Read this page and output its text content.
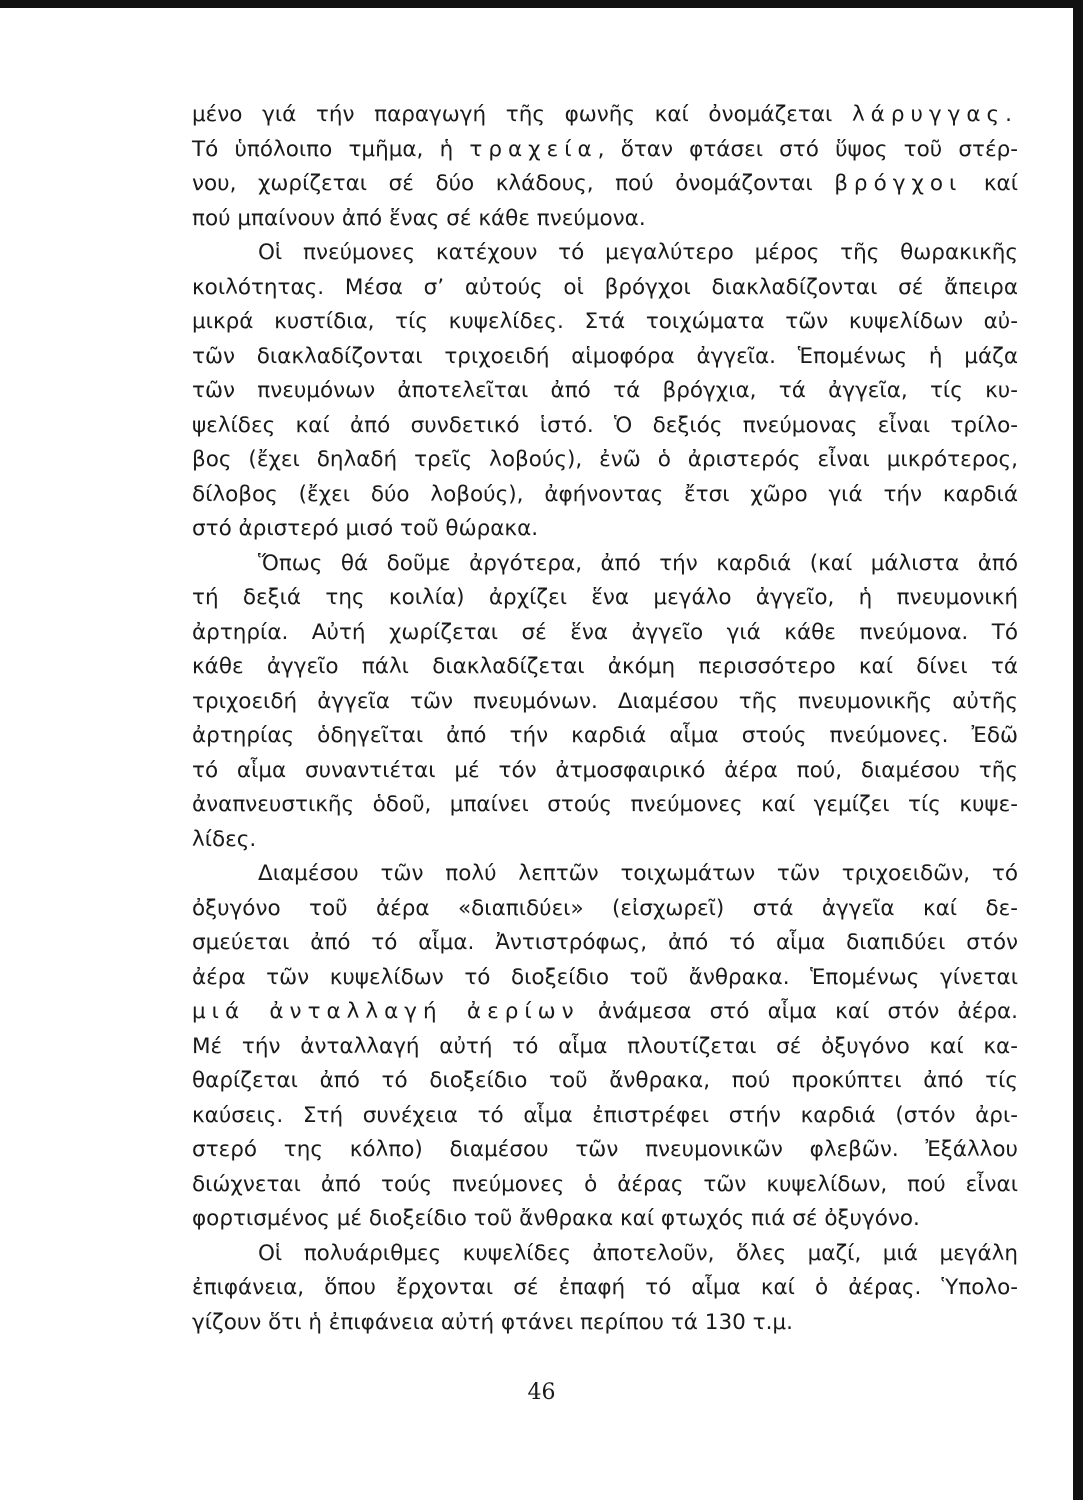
μένο γιά τήν παραγωγή τῆς φωνῆς καί ὀνομάζεται λάρυγγας.
Τό ὑπόλοιπο τμῆμα, ἡ τραχεία, ὅταν φτάσει στό ὕψος τοῦ στέρ-
νου, χωρίζεται σέ δύο κλάδους, πού ὀνομάζονται βρόγχοι καί
πού μπαίνουν ἀπό ἕνας σέ κάθε πνεύμονα.
Οἱ πνεύμονες κατέχουν τό μεγαλύτερο μέρος τῆς θωρακικῆς
κοιλότητας. Μέσα σ’ αὐτούς οἱ βρόγχοι διακλαδίζονται σέ ἄπειρα
μικρά κυστίδια, τίς κυψελίδες. Στά τοιχώματα τῶν κυψελίδων αὐ-
τῶν διακλαδίζονται τριχοειδή αἱμοφόρα ἀγγεῖα. Ἑπομένως ἡ μάζα
τῶν πνευμόνων ἀποτελεῖται ἀπό τά βρόγχια, τά ἀγγεῖα, τίς κυ-
ψελίδες καί ἀπό συνδετικό ἱστό. Ὁ δεξιός πνεύμονας εἶναι τρίλο-
βος (ἔχει δηλαδή τρεῖς λοβούς), ἐνῶ ὁ ἀριστερός εἶναι μικρότερος,
δίλοβος (ἔχει δύο λοβούς), ἀφήνοντας ἔτσι χῶρο γιά τήν καρδιά
στό ἀριστερό μισό τοῦ θώρακα.
Ὅπως θά δοῦμε ἀργότερα, ἀπό τήν καρδιά (καί μάλιστα ἀπό
τή δεξιά της κοιλία) ἀρχίζει ἕνα μεγάλο ἀγγεῖο, ἡ πνευμονική
ἀρτηρία. Αὐτή χωρίζεται σέ ἕνα ἀγγεῖο γιά κάθε πνεύμονα. Τό
κάθε ἀγγεῖο πάλι διακλαδίζεται ἀκόμη περισσότερο καί δίνει τά
τριχοειδή ἀγγεῖα τῶν πνευμόνων. Διαμέσου τῆς πνευμονικῆς αὐτῆς
ἀρτηρίας ὁδηγεῖται ἀπό τήν καρδιά αἷμα στούς πνεύμονες. Ἐδῶ
τό αἷμα συναντιέται μέ τόν ἀτμοσφαιρικό ἀέρα πού, διαμέσου τῆς
ἀναπνευστικῆς ὁδοῦ, μπαίνει στούς πνεύμονες καί γεμίζει τίς κυψε-
λίδες.
Διαμέσου τῶν πολύ λεπτῶν τοιχωμάτων τῶν τριχοειδῶν, τό
ὀξυγόνο τοῦ ἀέρα «διαπιδύει» (εἰσχωρεῖ) στά ἀγγεῖα καί δε-
σμεύεται ἀπό τό αἷμα. Ἀντιστρόφως, ἀπό τό αἷμα διαπιδύει στόν
ἀέρα τῶν κυψελίδων τό διοξείδιο τοῦ ἄνθρακα. Ἑπομένως γίνεται
μιά ἀνταλλαγή ἀερίων ἀνάμεσα στό αἷμα καί στόν ἀέρα.
Μέ τήν ἀνταλλαγή αὐτή τό αἷμα πλουτίζεται σέ ὀξυγόνο καί κα-
θαρίζεται ἀπό τό διοξείδιο τοῦ ἄνθρακα, πού προκύπτει ἀπό τίς
καύσεις. Στή συνέχεια τό αἷμα ἐπιστρέφει στήν καρδιά (στόν ἀρι-
στερό της κόλπο) διαμέσου τῶν πνευμονικῶν φλεβῶν. Ἐξάλλου
διώχνεται ἀπό τούς πνεύμονες ὁ ἀέρας τῶν κυψελίδων, πού εἶναι
φορτισμένος μέ διοξείδιο τοῦ ἄνθρακα καί φτωχός πιά σέ ὀξυγόνο.
Οἱ πολυάριθμες κυψελίδες ἀποτελοῦν, ὅλες μαζί, μιά μεγάλη
ἐπιφάνεια, ὅπου ἔρχονται σέ ἐπαφή τό αἷμα καί ὁ ἀέρας. Ὑπολο-
γίζουν ὅτι ἡ ἐπιφάνεια αὐτή φτάνει περίπου τά 130 τ.μ.
46
